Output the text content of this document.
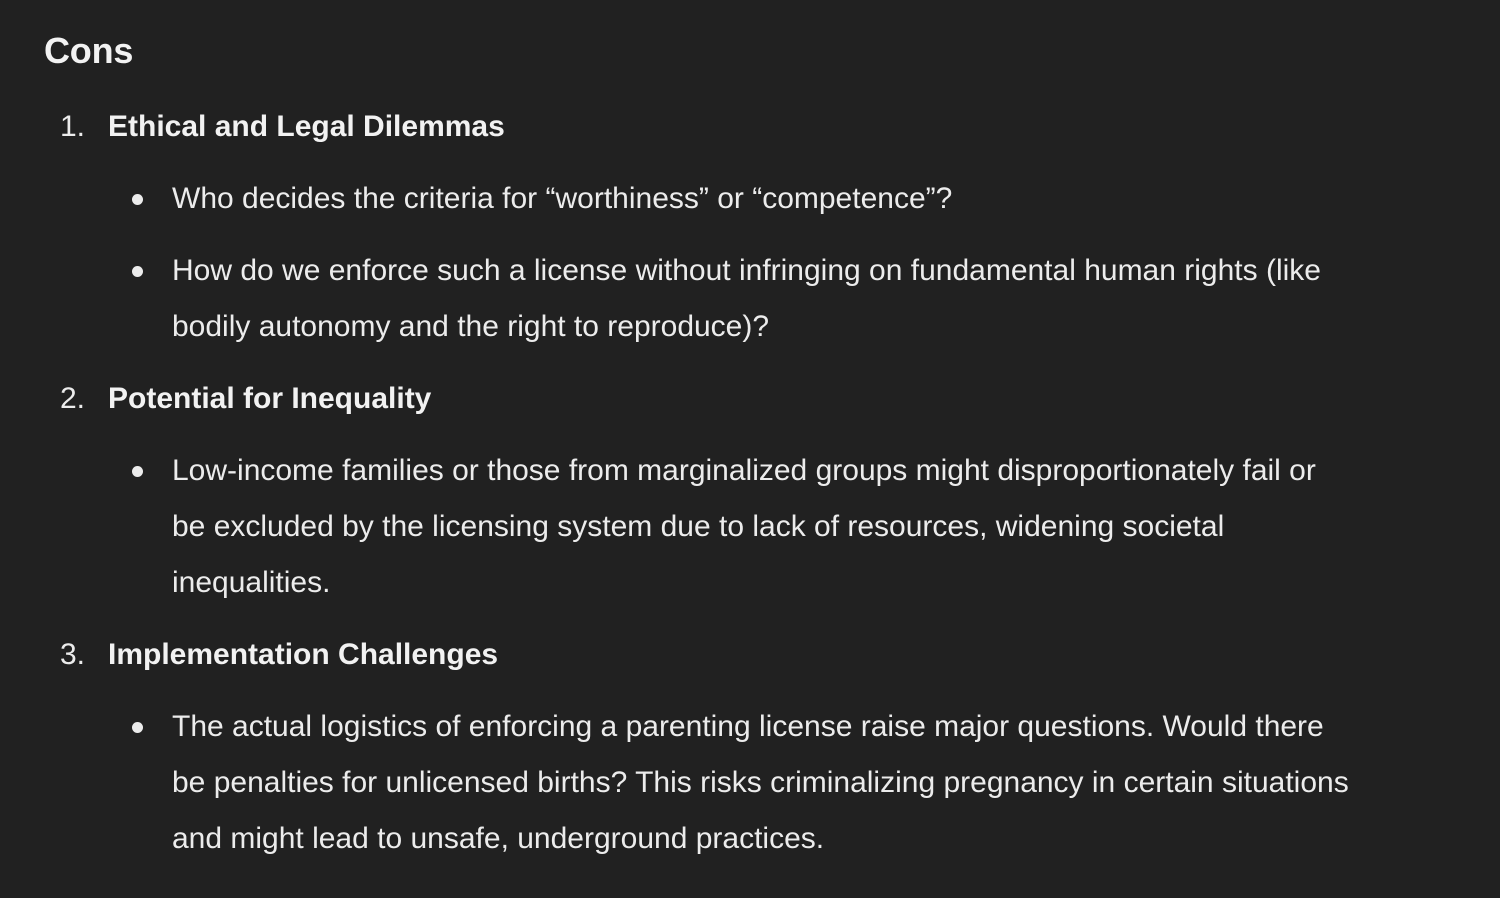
Cons
1. Ethical and Legal Dilemmas
Who decides the criteria for “worthiness” or “competence”?
How do we enforce such a license without infringing on fundamental human rights (like
bodily autonomy and the right to reproduce)?
2. Potential for Inequality
Low-income families or those from marginalized groups might disproportionately fail or
be excluded by the licensing system due to lack of resources, widening societal
inequalities.
3. Implementation Challenges
The actual logistics of enforcing a parenting license raise major questions. Would there
be penalties for unlicensed births? This risks criminalizing pregnancy in certain situations
and might lead to unsafe, underground practices.
